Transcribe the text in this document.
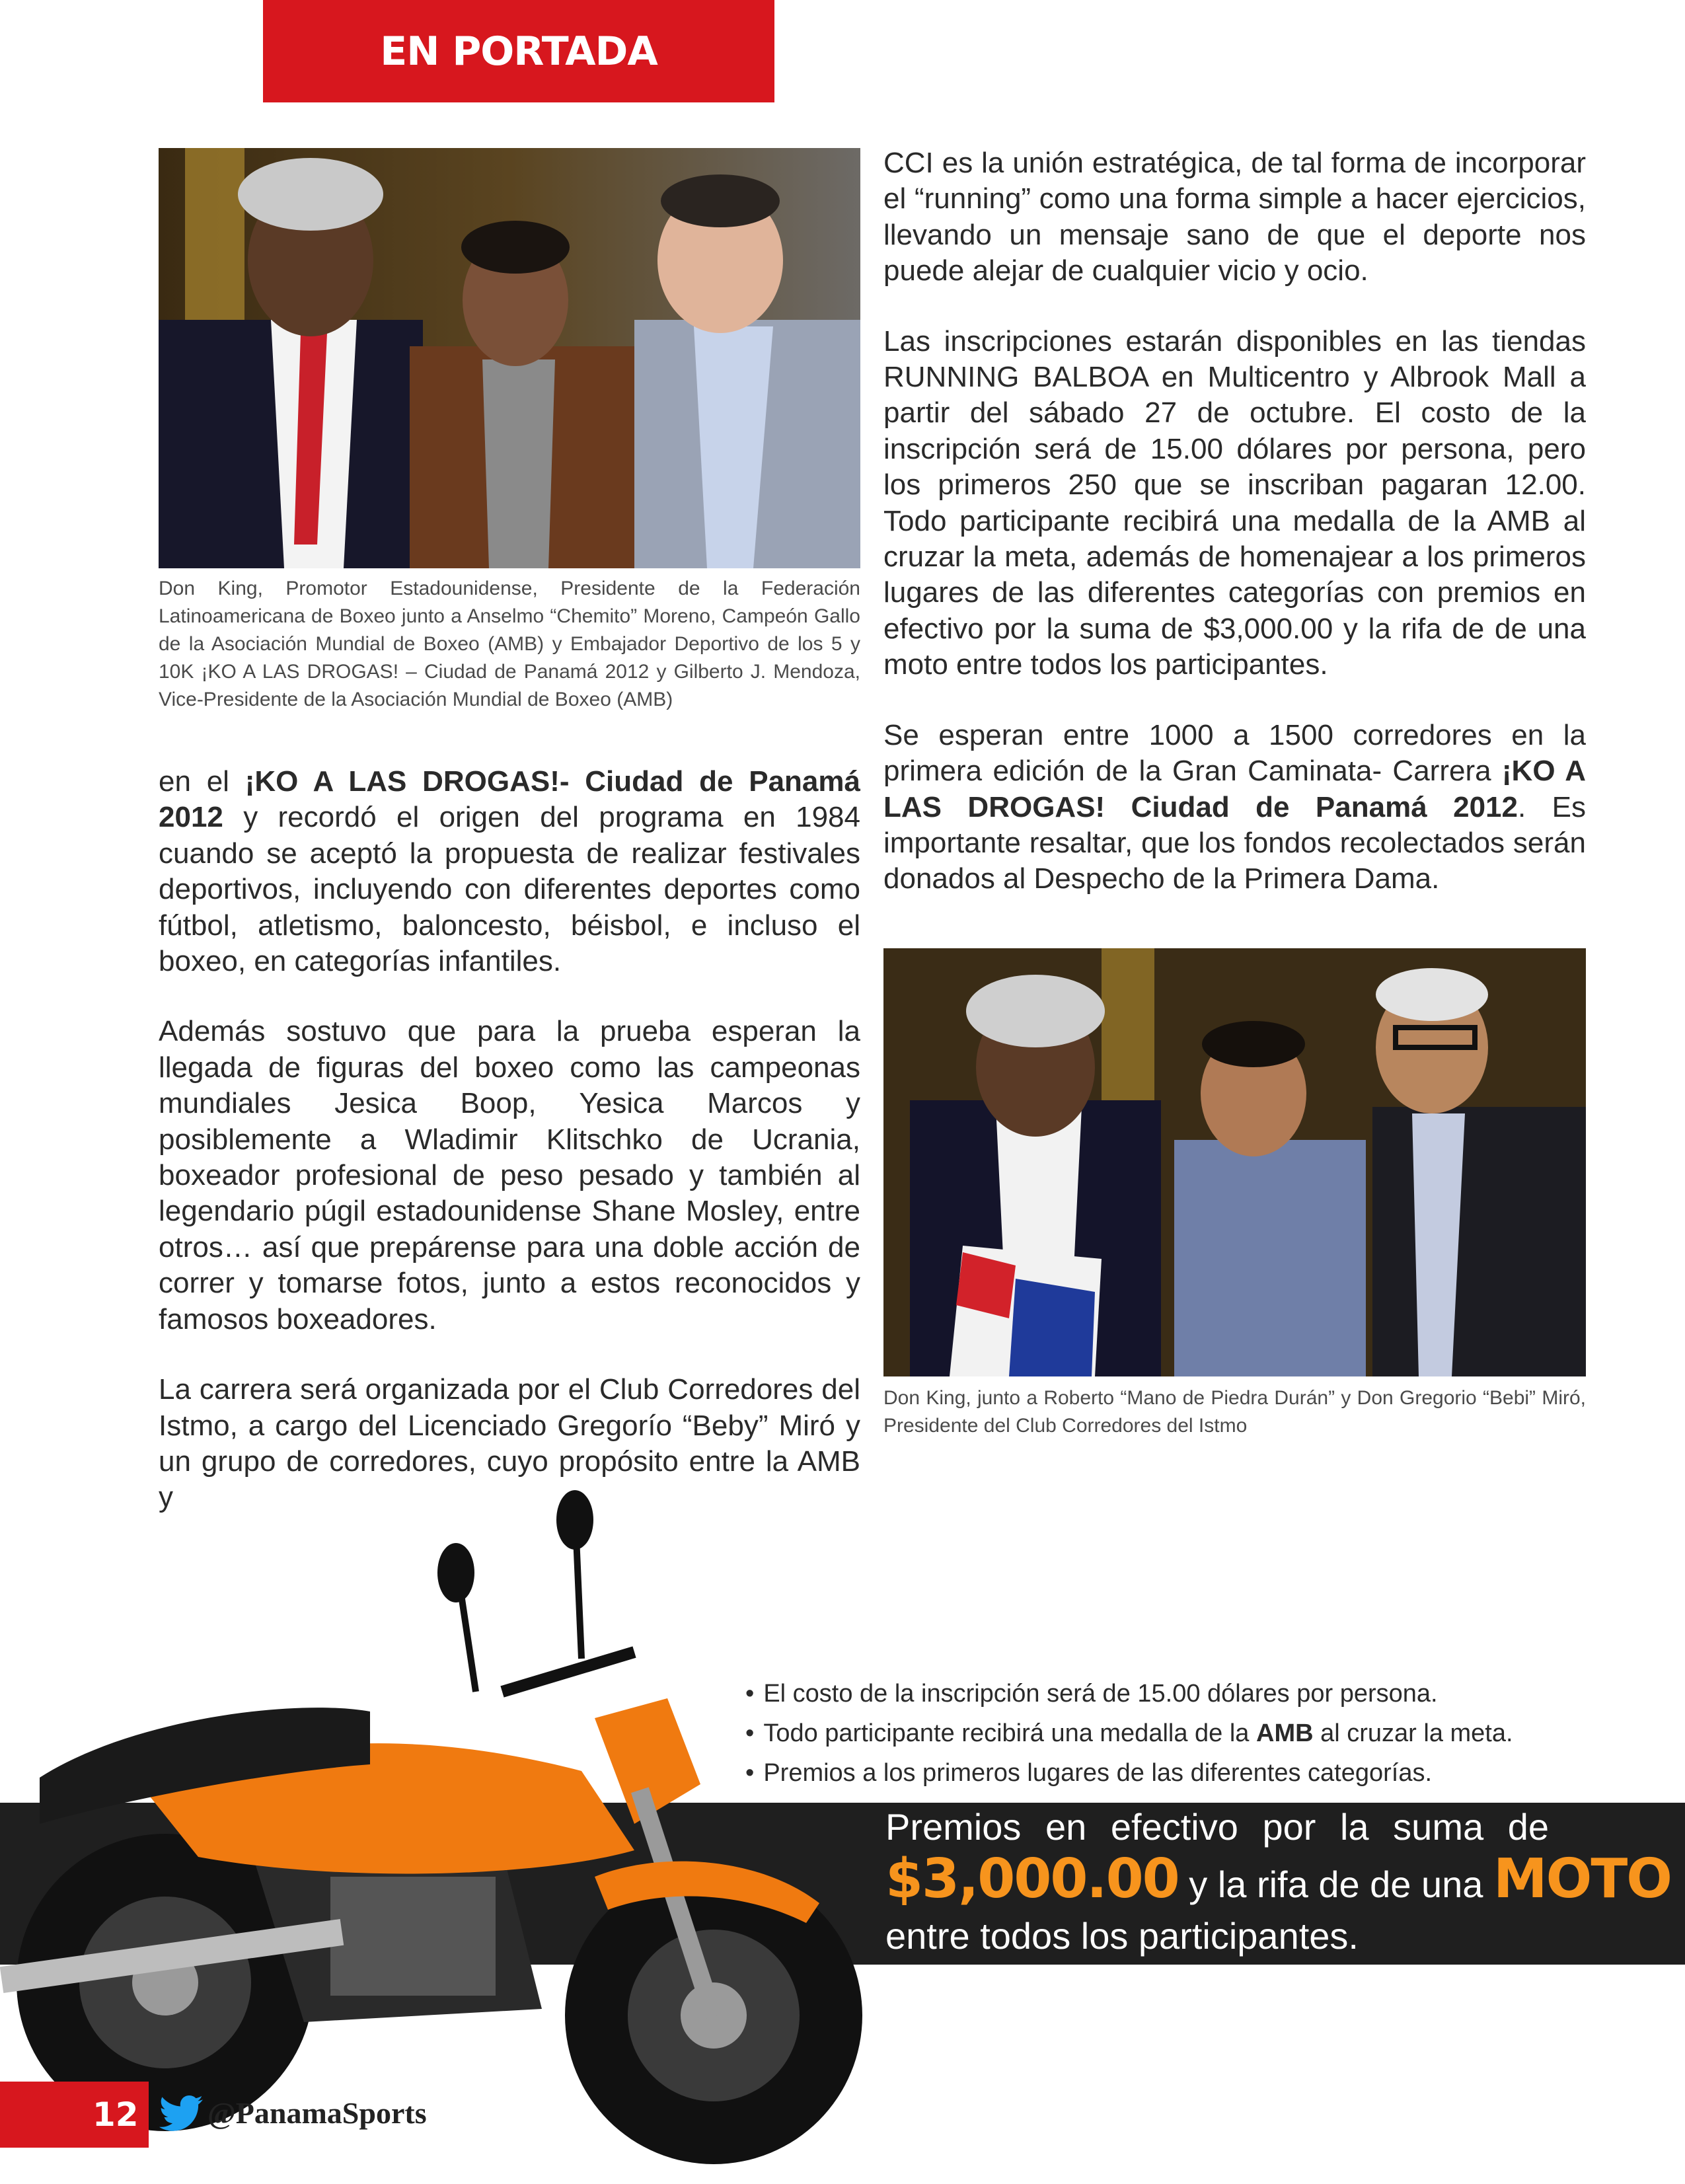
EN PORTADA
Don King, Promotor Estadounidense, Presidente de la Federación Latinoamericana de Boxeo junto a Anselmo “Chemito” Moreno, Campeón Gallo de la Asociación Mundial de Boxeo (AMB) y Embajador Deportivo de los 5 y 10K ¡KO A LAS DROGAS! – Ciudad de Panamá 2012 y Gilberto J. Mendoza, Vice-Presidente de la Asociación Mundial de Boxeo (AMB)

en el ¡KO A LAS DROGAS!- Ciudad de Panamá 2012 y recordó el origen del programa en 1984 cuando se aceptó la propuesta de realizar festivales deportivos, incluyendo con diferentes deportes como fútbol, atletismo, baloncesto, béisbol, e incluso el boxeo, en categorías infantiles.

Además sostuvo que para la prueba esperan la llegada de figuras del boxeo como las campeonas mundiales Jesica Boop, Yesica Marcos y posiblemente a Wladimir Klitschko de Ucrania, boxeador profesional de peso pesado y también al legendario púgil estadounidense Shane Mosley, entre otros… así que prepárense para una doble acción de correr y tomarse fotos, junto a estos reconocidos y famosos boxeadores.

La carrera será organizada por el Club Corredores del Istmo, a cargo del Licenciado Gregorío “Beby” Miró y un grupo de corredores, cuyo propósito entre la AMB y

CCI es la unión estratégica, de tal forma de incorporar el “running” como una forma simple a hacer ejercicios, llevando un mensaje sano de que el deporte nos puede alejar de cualquier vicio y ocio.

Las inscripciones estarán disponibles en las tiendas RUNNING BALBOA en Multicentro y Albrook Mall a partir del sábado 27 de octubre. El costo de la inscripción será de 15.00 dólares por persona, pero los primeros 250 que se inscriban pagaran 12.00. Todo participante recibirá una medalla de la AMB al cruzar la meta, además de homenajear a los primeros lugares de las diferentes categorías con premios en efectivo por la suma de $3,000.00 y la rifa de de una moto entre todos los participantes.

Se esperan entre 1000 a 1500 corredores en la primera edición de la Gran Caminata- Carrera ¡KO A LAS DROGAS! Ciudad de Panamá 2012. Es importante resaltar, que los fondos recolectados serán donados al Despecho de la Primera Dama.

Don King, junto a Roberto “Mano de Piedra Durán” y Don Gregorio “Bebi” Miró, Presidente del Club Corredores del Istmo
• El costo de la inscripción será de 15.00 dólares por persona.
• Todo participante recibirá una medalla de la AMB al cruzar la meta.
• Premios a los primeros lugares de las diferentes categorías.
Premios en efectivo por la suma de
$3,000.00 y la rifa de de una MOTO
entre todos los participantes.
12 @PanamaSports
